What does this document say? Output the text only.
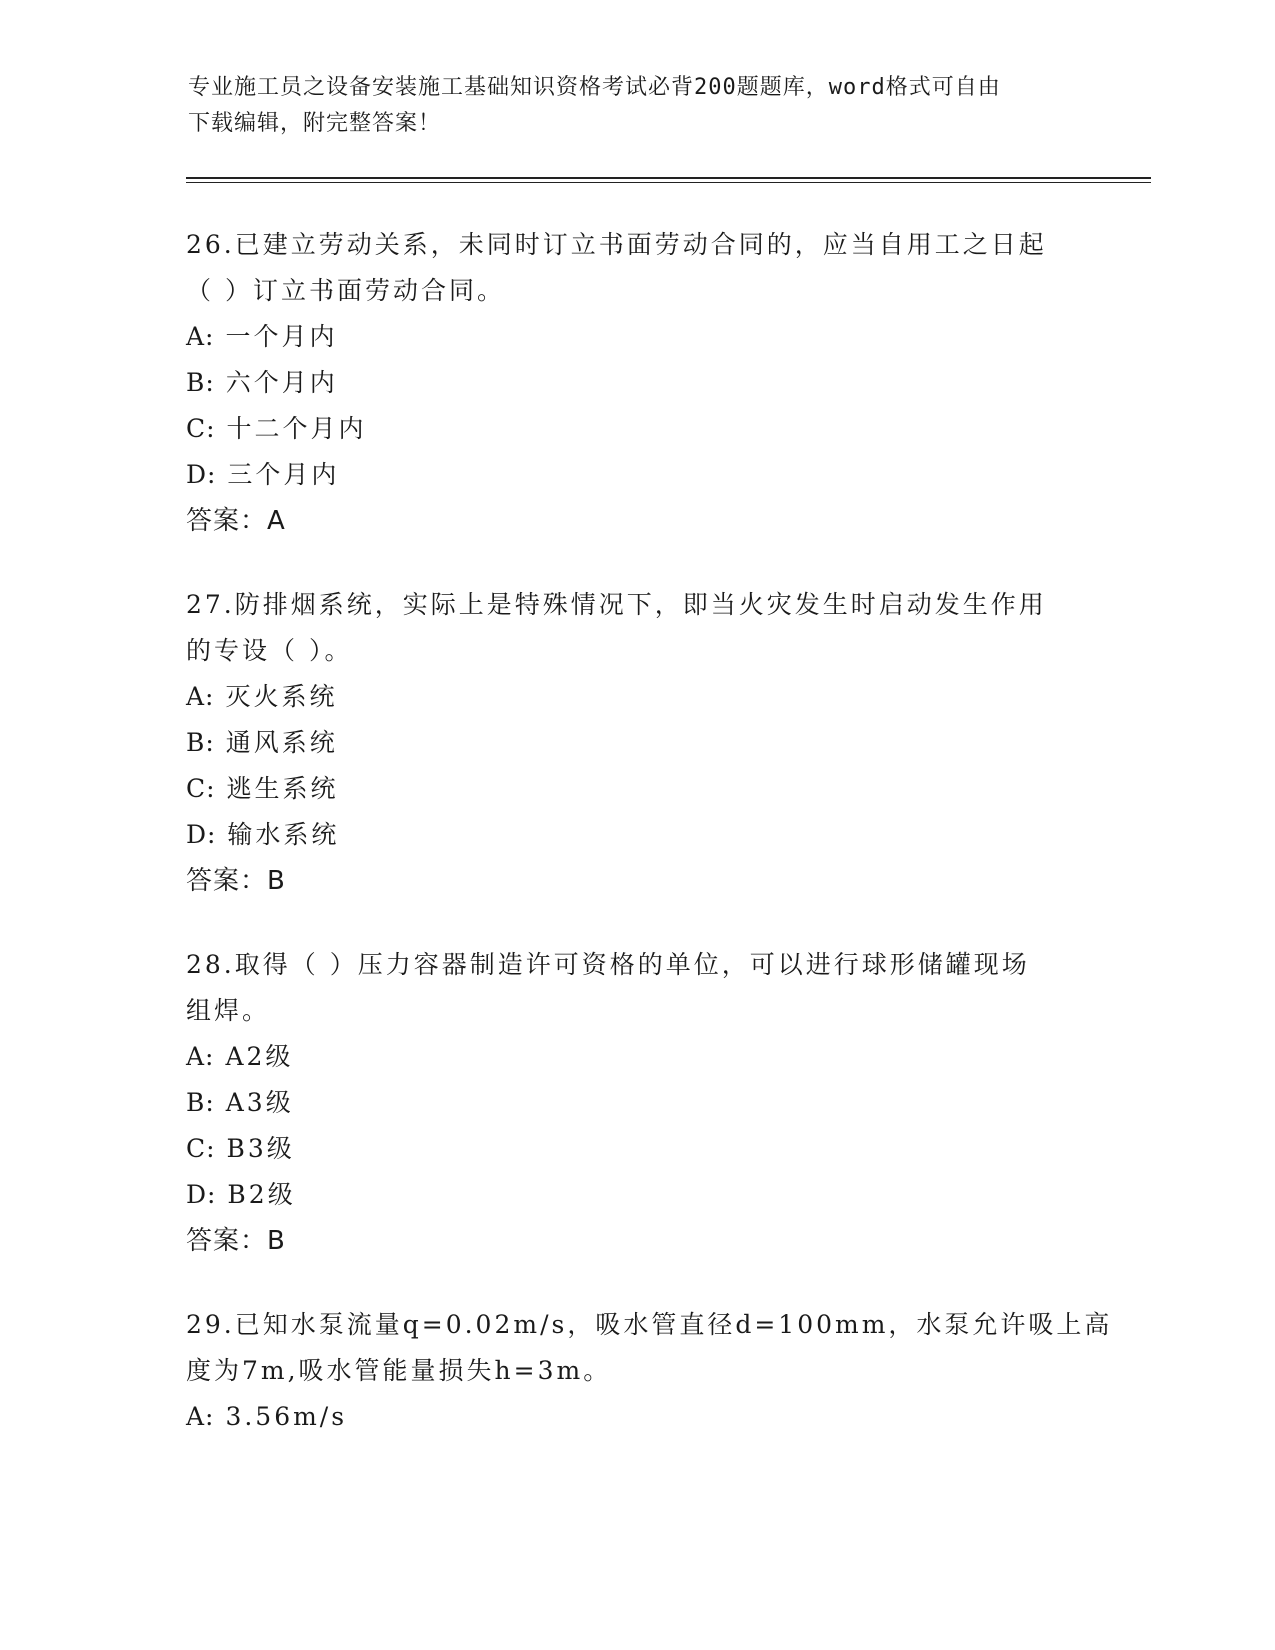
专业施工员之设备安装施工基础知识资格考试必背200题题库，word格式可自由
下载编辑，附完整答案！
26.已建立劳动关系，未同时订立书面劳动合同的，应当自用工之日起
（ ）订立书面劳动合同。
A: 一个月内
B: 六个月内
C: 十二个月内
D: 三个月内
答案：A
27.防排烟系统，实际上是特殊情况下，即当火灾发生时启动发生作用
的专设（ ）。
A: 灭火系统
B: 通风系统
C: 逃生系统
D: 输水系统
答案：B
28.取得（ ）压力容器制造许可资格的单位，可以进行球形储罐现场
组焊。
A: A2级
B: A3级
C: B3级
D: B2级
答案：B
29.已知水泵流量q=0.02m/s，吸水管直径d=100mm，水泵允许吸上高
度为7m,吸水管能量损失h=3m。
A: 3.56m/s
